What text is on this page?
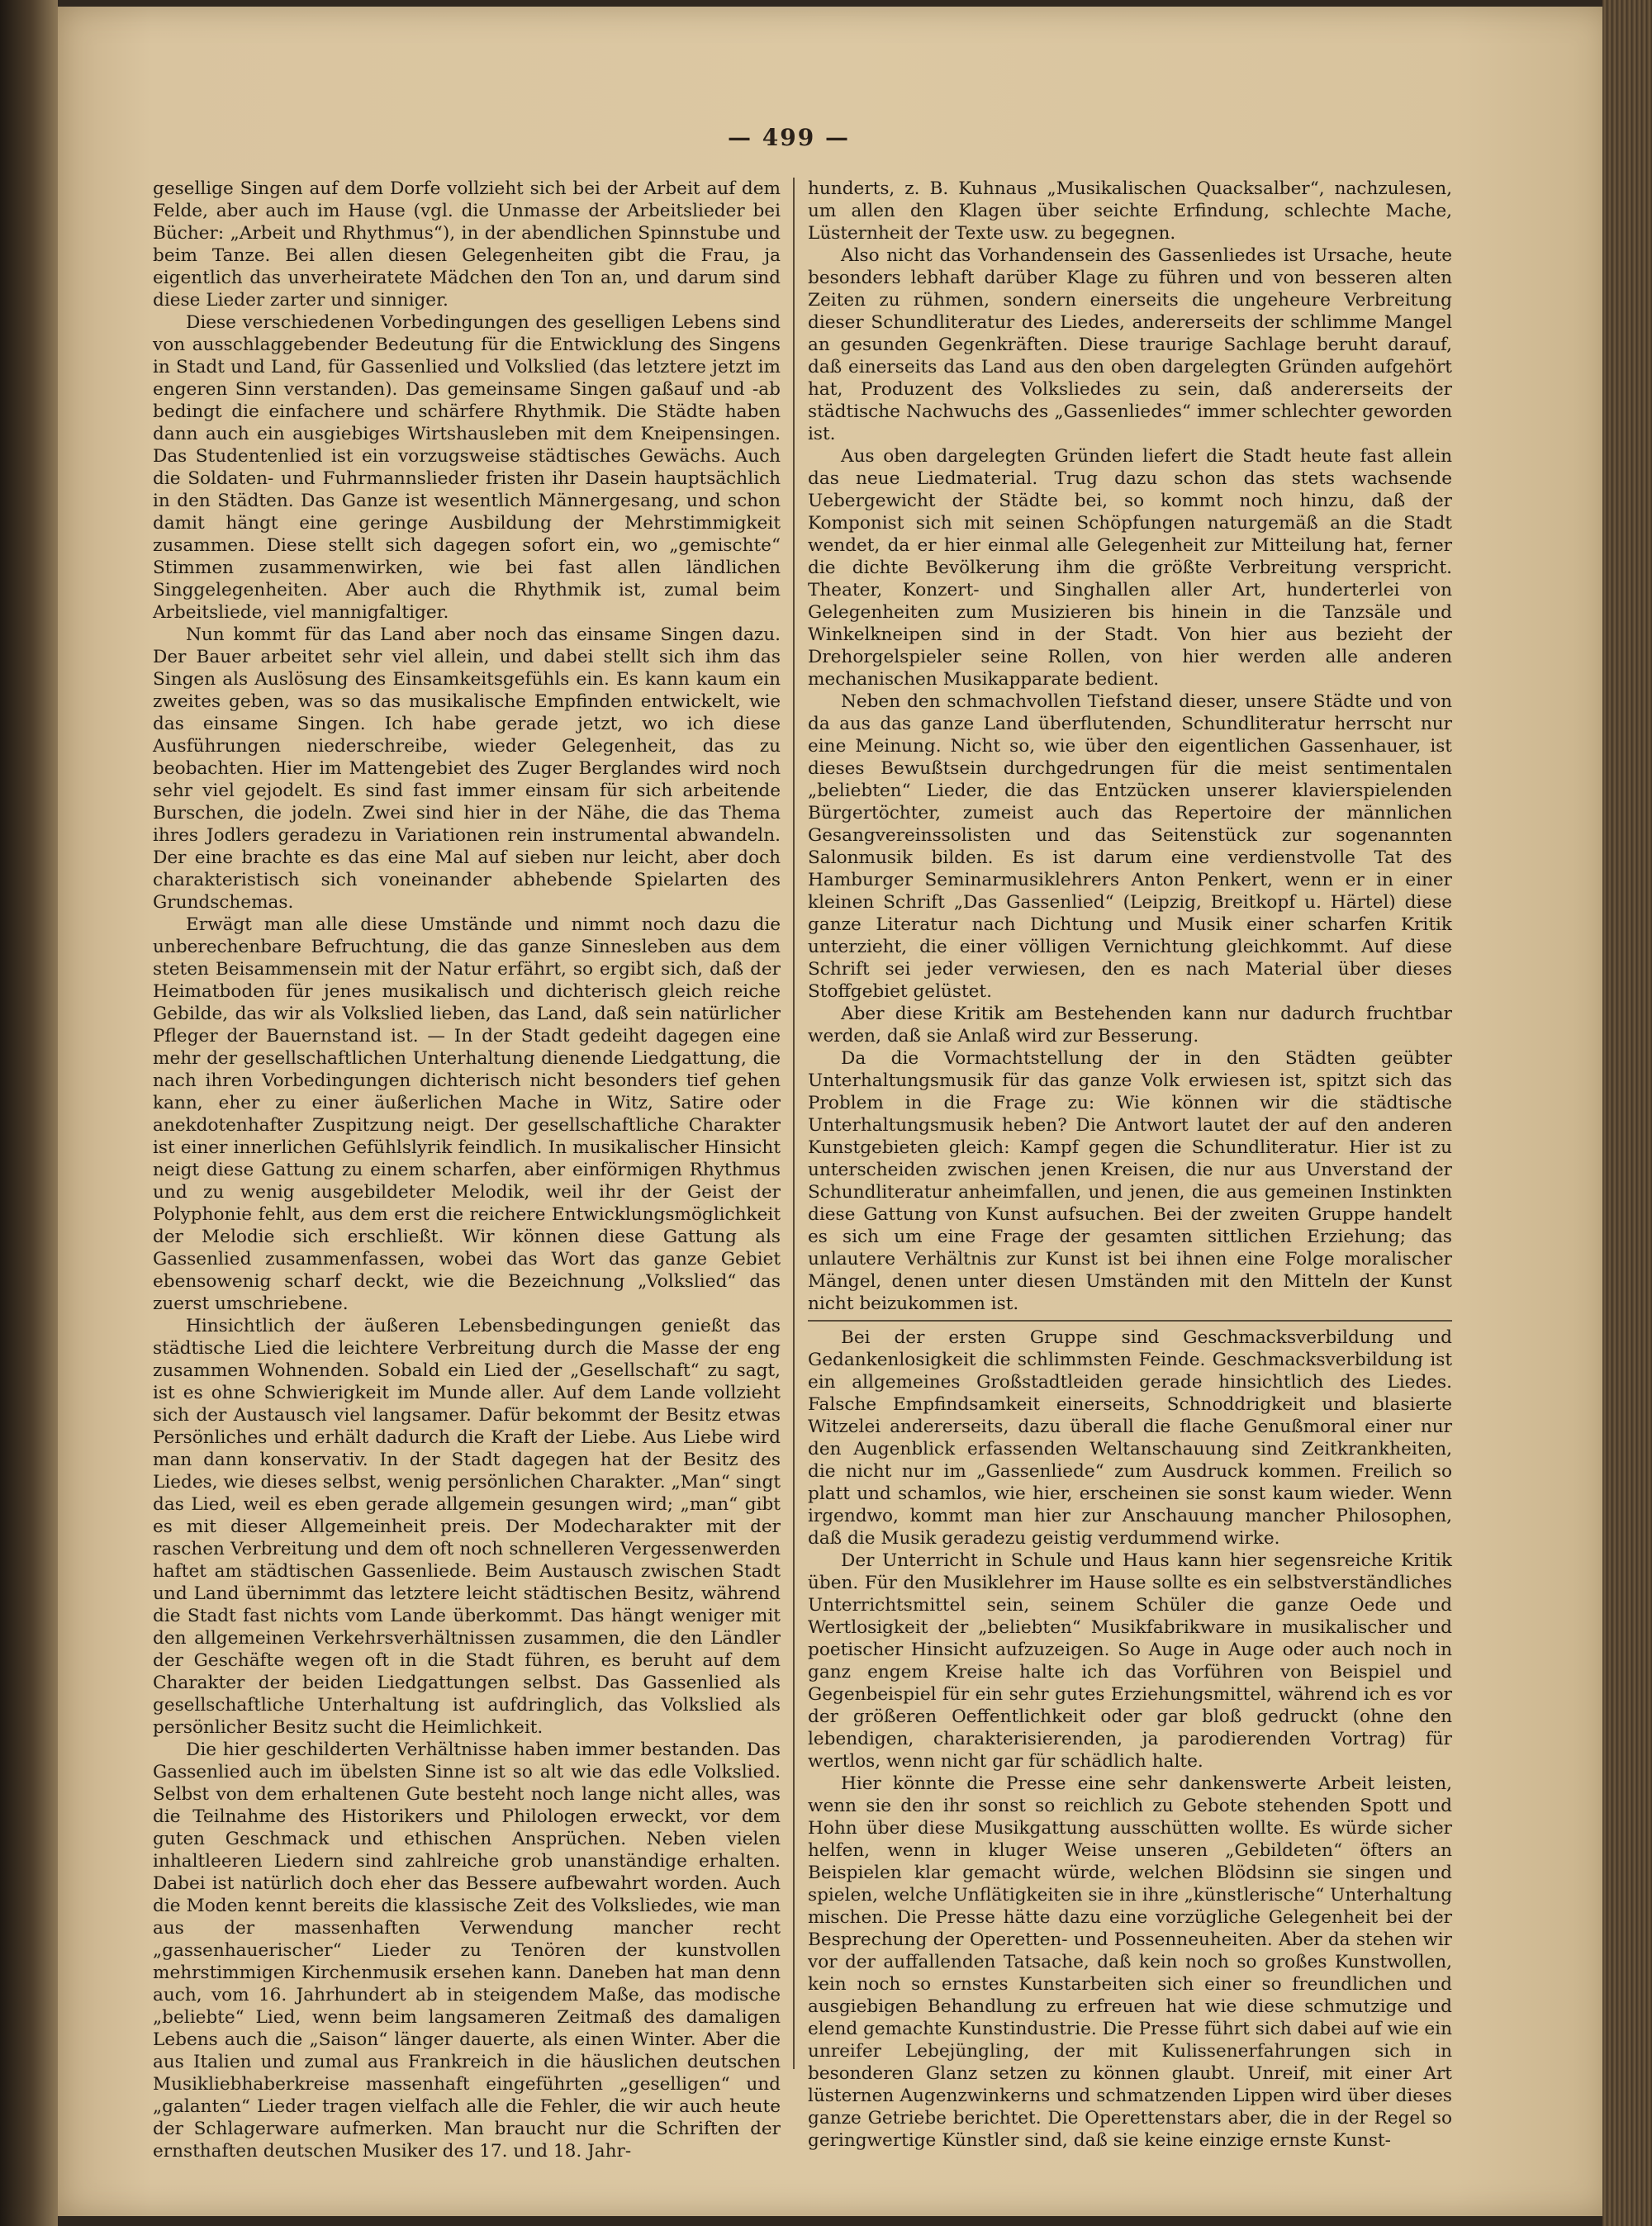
— 499 —

gesellige Singen auf dem Dorfe vollzieht sich bei der Arbeit auf dem Felde, aber auch im Hause (vgl. die Unmasse der Arbeitslieder bei Bücher: „Arbeit und Rhythmus“), in der abendlichen Spinnstube und beim Tanze. Bei allen diesen Gelegenheiten gibt die Frau, ja eigentlich das unverheiratete Mädchen den Ton an, und darum sind diese Lieder zarter und sinniger.

Diese verschiedenen Vorbedingungen des geselligen Lebens sind von ausschlaggebender Bedeutung für die Entwicklung des Singens in Stadt und Land, für Gassenlied und Volkslied (das letztere jetzt im engeren Sinn verstanden). Das gemeinsame Singen gaßauf und -ab bedingt die einfachere und schärfere Rhythmik. Die Städte haben dann auch ein ausgiebiges Wirtshausleben mit dem Kneipensingen. Das Studentenlied ist ein vorzugsweise städtisches Gewächs. Auch die Soldaten- und Fuhrmannslieder fristen ihr Dasein hauptsächlich in den Städten. Das Ganze ist wesentlich Männergesang, und schon damit hängt eine geringe Ausbildung der Mehrstimmigkeit zusammen. Diese stellt sich dagegen sofort ein, wo „gemischte“ Stimmen zusammenwirken, wie bei fast allen ländlichen Singgelegenheiten. Aber auch die Rhythmik ist, zumal beim Arbeitsliede, viel mannigfaltiger.

Nun kommt für das Land aber noch das einsame Singen dazu. Der Bauer arbeitet sehr viel allein, und dabei stellt sich ihm das Singen als Auslösung des Einsamkeitsgefühls ein. Es kann kaum ein zweites geben, was so das musikalische Empfinden entwickelt, wie das einsame Singen. Ich habe gerade jetzt, wo ich diese Ausführungen niederschreibe, wieder Gelegenheit, das zu beobachten. Hier im Mattengebiet des Zuger Berglandes wird noch sehr viel gejodelt. Es sind fast immer einsam für sich arbeitende Burschen, die jodeln. Zwei sind hier in der Nähe, die das Thema ihres Jodlers geradezu in Variationen rein instrumental abwandeln. Der eine brachte es das eine Mal auf sieben nur leicht, aber doch charakteristisch sich voneinander abhebende Spielarten des Grundschemas.

Erwägt man alle diese Umstände und nimmt noch dazu die unberechenbare Befruchtung, die das ganze Sinnesleben aus dem steten Beisammensein mit der Natur erfährt, so ergibt sich, daß der Heimatboden für jenes musikalisch und dichterisch gleich reiche Gebilde, das wir als Volkslied lieben, das Land, daß sein natürlicher Pfleger der Bauernstand ist. — In der Stadt gedeiht dagegen eine mehr der gesellschaftlichen Unterhaltung dienende Liedgattung, die nach ihren Vorbedingungen dichterisch nicht besonders tief gehen kann, eher zu einer äußerlichen Mache in Witz, Satire oder anekdotenhafter Zuspitzung neigt. Der gesellschaftliche Charakter ist einer innerlichen Gefühlslyrik feindlich. In musikalischer Hinsicht neigt diese Gattung zu einem scharfen, aber einförmigen Rhythmus und zu wenig ausgebildeter Melodik, weil ihr der Geist der Polyphonie fehlt, aus dem erst die reichere Entwicklungsmöglichkeit der Melodie sich erschließt. Wir können diese Gattung als Gassenlied zusammenfassen, wobei das Wort das ganze Gebiet ebensowenig scharf deckt, wie die Bezeichnung „Volkslied“ das zuerst umschriebene.

Hinsichtlich der äußeren Lebensbedingungen genießt das städtische Lied die leichtere Verbreitung durch die Masse der eng zusammen Wohnenden. Sobald ein Lied der „Gesellschaft“ zu sagt, ist es ohne Schwierigkeit im Munde aller. Auf dem Lande vollzieht sich der Austausch viel langsamer. Dafür bekommt der Besitz etwas Persönliches und erhält dadurch die Kraft der Liebe. Aus Liebe wird man dann konservativ. In der Stadt dagegen hat der Besitz des Liedes, wie dieses selbst, wenig persönlichen Charakter. „Man“ singt das Lied, weil es eben gerade allgemein gesungen wird; „man“ gibt es mit dieser Allgemeinheit preis. Der Modecharakter mit der raschen Verbreitung und dem oft noch schnelleren Vergessenwerden haftet am städtischen Gassenliede. Beim Austausch zwischen Stadt und Land übernimmt das letztere leicht städtischen Besitz, während die Stadt fast nichts vom Lande überkommt. Das hängt weniger mit den allgemeinen Verkehrsverhältnissen zusammen, die den Ländler der Geschäfte wegen oft in die Stadt führen, es beruht auf dem Charakter der beiden Liedgattungen selbst. Das Gassenlied als gesellschaftliche Unterhaltung ist aufdringlich, das Volkslied als persönlicher Besitz sucht die Heimlichkeit.

Die hier geschilderten Verhältnisse haben immer bestanden. Das Gassenlied auch im übelsten Sinne ist so alt wie das edle Volkslied. Selbst von dem erhaltenen Gute besteht noch lange nicht alles, was die Teilnahme des Historikers und Philologen erweckt, vor dem guten Geschmack und ethischen Ansprüchen. Neben vielen inhaltleeren Liedern sind zahlreiche grob unanständige erhalten. Dabei ist natürlich doch eher das Bessere aufbewahrt worden. Auch die Moden kennt bereits die klassische Zeit des Volksliedes, wie man aus der massenhaften Verwendung mancher recht „gassenhauerischer“ Lieder zu Tenören der kunstvollen mehrstimmigen Kirchenmusik ersehen kann. Daneben hat man denn auch, vom 16. Jahrhundert ab in steigendem Maße, das modische „beliebte“ Lied, wenn beim langsameren Zeitmaß des damaligen Lebens auch die „Saison“ länger dauerte, als einen Winter. Aber die aus Italien und zumal aus Frankreich in die häuslichen deutschen Musikliebhaberkreise massenhaft eingeführten „geselligen“ und „galanten“ Lieder tragen vielfach alle die Fehler, die wir auch heute der Schlagerware aufmerken. Man braucht nur die Schriften der ernsthaften deutschen Musiker des 17. und 18. Jahr-

hunderts, z. B. Kuhnaus „Musikalischen Quacksalber“, nachzulesen, um allen den Klagen über seichte Erfindung, schlechte Mache, Lüsternheit der Texte usw. zu begegnen.

Also nicht das Vorhandensein des Gassenliedes ist Ursache, heute besonders lebhaft darüber Klage zu führen und von besseren alten Zeiten zu rühmen, sondern einerseits die ungeheure Verbreitung dieser Schundliteratur des Liedes, andererseits der schlimme Mangel an gesunden Gegenkräften. Diese traurige Sachlage beruht darauf, daß einerseits das Land aus den oben dargelegten Gründen aufgehört hat, Produzent des Volksliedes zu sein, daß andererseits der städtische Nachwuchs des „Gassenliedes“ immer schlechter geworden ist.

Aus oben dargelegten Gründen liefert die Stadt heute fast allein das neue Liedmaterial. Trug dazu schon das stets wachsende Uebergewicht der Städte bei, so kommt noch hinzu, daß der Komponist sich mit seinen Schöpfungen naturgemäß an die Stadt wendet, da er hier einmal alle Gelegenheit zur Mitteilung hat, ferner die dichte Bevölkerung ihm die größte Verbreitung verspricht. Theater, Konzert- und Singhallen aller Art, hunderterlei von Gelegenheiten zum Musizieren bis hinein in die Tanzsäle und Winkelkneipen sind in der Stadt. Von hier aus bezieht der Drehorgelspieler seine Rollen, von hier werden alle anderen mechanischen Musikapparate bedient.

Neben den schmachvollen Tiefstand dieser, unsere Städte und von da aus das ganze Land überflutenden, Schundliteratur herrscht nur eine Meinung. Nicht so, wie über den eigentlichen Gassenhauer, ist dieses Bewußtsein durchgedrungen für die meist sentimentalen „beliebten“ Lieder, die das Entzücken unserer klavierspielenden Bürgertöchter, zumeist auch das Repertoire der männlichen Gesangvereinssolisten und das Seitenstück zur sogenannten Salonmusik bilden. Es ist darum eine verdienstvolle Tat des Hamburger Seminarmusiklehrers Anton Penkert, wenn er in einer kleinen Schrift „Das Gassenlied“ (Leipzig, Breitkopf u. Härtel) diese ganze Literatur nach Dichtung und Musik einer scharfen Kritik unterzieht, die einer völligen Vernichtung gleichkommt. Auf diese Schrift sei jeder verwiesen, den es nach Material über dieses Stoffgebiet gelüstet.

Aber diese Kritik am Bestehenden kann nur dadurch fruchtbar werden, daß sie Anlaß wird zur Besserung.

Da die Vormachtstellung der in den Städten geübter Unterhaltungsmusik für das ganze Volk erwiesen ist, spitzt sich das Problem in die Frage zu: Wie können wir die städtische Unterhaltungsmusik heben? Die Antwort lautet der auf den anderen Kunstgebieten gleich: Kampf gegen die Schundliteratur. Hier ist zu unterscheiden zwischen jenen Kreisen, die nur aus Unverstand der Schundliteratur anheimfallen, und jenen, die aus gemeinen Instinkten diese Gattung von Kunst aufsuchen. Bei der zweiten Gruppe handelt es sich um eine Frage der gesamten sittlichen Erziehung; das unlautere Verhältnis zur Kunst ist bei ihnen eine Folge moralischer Mängel, denen unter diesen Umständen mit den Mitteln der Kunst nicht beizukommen ist.

Bei der ersten Gruppe sind Geschmacksverbildung und Gedankenlosigkeit die schlimmsten Feinde. Geschmacksverbildung ist ein allgemeines Großstadtleiden gerade hinsichtlich des Liedes. Falsche Empfindsamkeit einerseits, Schnoddrigkeit und blasierte Witzelei andererseits, dazu überall die flache Genußmoral einer nur den Augenblick erfassenden Weltanschauung sind Zeitkrankheiten, die nicht nur im „Gassenliede“ zum Ausdruck kommen. Freilich so platt und schamlos, wie hier, erscheinen sie sonst kaum wieder. Wenn irgendwo, kommt man hier zur Anschauung mancher Philosophen, daß die Musik geradezu geistig verdummend wirke.

Der Unterricht in Schule und Haus kann hier segensreiche Kritik üben. Für den Musiklehrer im Hause sollte es ein selbstverständliches Unterrichtsmittel sein, seinem Schüler die ganze Oede und Wertlosigkeit der „beliebten“ Musikfabrikware in musikalischer und poetischer Hinsicht aufzuzeigen. So Auge in Auge oder auch noch in ganz engem Kreise halte ich das Vorführen von Beispiel und Gegenbeispiel für ein sehr gutes Erziehungsmittel, während ich es vor der größeren Oeffentlichkeit oder gar bloß gedruckt (ohne den lebendigen, charakterisierenden, ja parodierenden Vortrag) für wertlos, wenn nicht gar für schädlich halte.

Hier könnte die Presse eine sehr dankenswerte Arbeit leisten, wenn sie den ihr sonst so reichlich zu Gebote stehenden Spott und Hohn über diese Musikgattung ausschütten wollte. Es würde sicher helfen, wenn in kluger Weise unseren „Gebildeten“ öfters an Beispielen klar gemacht würde, welchen Blödsinn sie singen und spielen, welche Unflätigkeiten sie in ihre „künstlerische“ Unterhaltung mischen. Die Presse hätte dazu eine vorzügliche Gelegenheit bei der Besprechung der Operetten- und Possenneuheiten. Aber da stehen wir vor der auffallenden Tatsache, daß kein noch so großes Kunstwollen, kein noch so ernstes Kunstarbeiten sich einer so freundlichen und ausgiebigen Behandlung zu erfreuen hat wie diese schmutzige und elend gemachte Kunstindustrie. Die Presse führt sich dabei auf wie ein unreifer Lebejüngling, der mit Kulissenerfahrungen sich in besonderen Glanz setzen zu können glaubt. Unreif, mit einer Art lüsternen Augenzwinkerns und schmatzenden Lippen wird über dieses ganze Getriebe berichtet. Die Operettenstars aber, die in der Regel so geringwertige Künstler sind, daß sie keine einzige ernste Kunst-
